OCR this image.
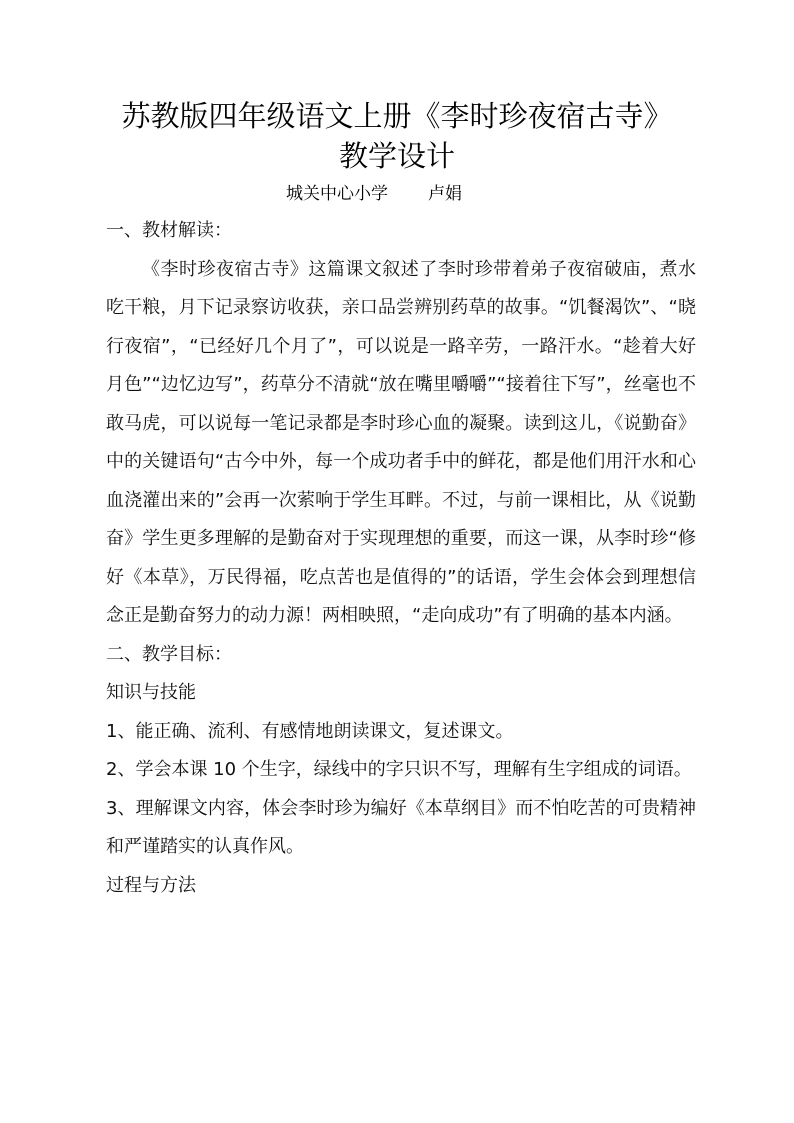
苏教版四年级语文上册《李时珍夜宿古寺》
教学设计
城关中心小学 卢娟

一、教材解读：

《李时珍夜宿古寺》这篇课文叙述了李时珍带着弟子夜宿破庙，煮水吃干粮，月下记录察访收获，亲口品尝辨别药草的故事。“饥餐渴饮”、“晓行夜宿”，“已经好几个月了”，可以说是一路辛劳，一路汗水。“趁着大好月色”“边忆边写”，药草分不清就“放在嘴里嚼嚼”“接着往下写”，丝毫也不敢马虎，可以说每一笔记录都是李时珍心血的凝聚。读到这儿，《说勤奋》中的关键语句“古今中外，每一个成功者手中的鲜花，都是他们用汗水和心血浇灌出来的”会再一次萦响于学生耳畔。不过，与前一课相比，从《说勤奋》学生更多理解的是勤奋对于实现理想的重要，而这一课，从李时珍“修好《本草》，万民得福，吃点苦也是值得的”的话语，学生会体会到理想信念正是勤奋努力的动力源！两相映照，“走向成功”有了明确的基本内涵。

二、教学目标：

知识与技能

1、能正确、流利、有感情地朗读课文，复述课文。

2、学会本课 10 个生字，绿线中的字只识不写，理解有生字组成的词语。

3、理解课文内容，体会李时珍为编好《本草纲目》而不怕吃苦的可贵精神和严谨踏实的认真作风。

过程与方法
